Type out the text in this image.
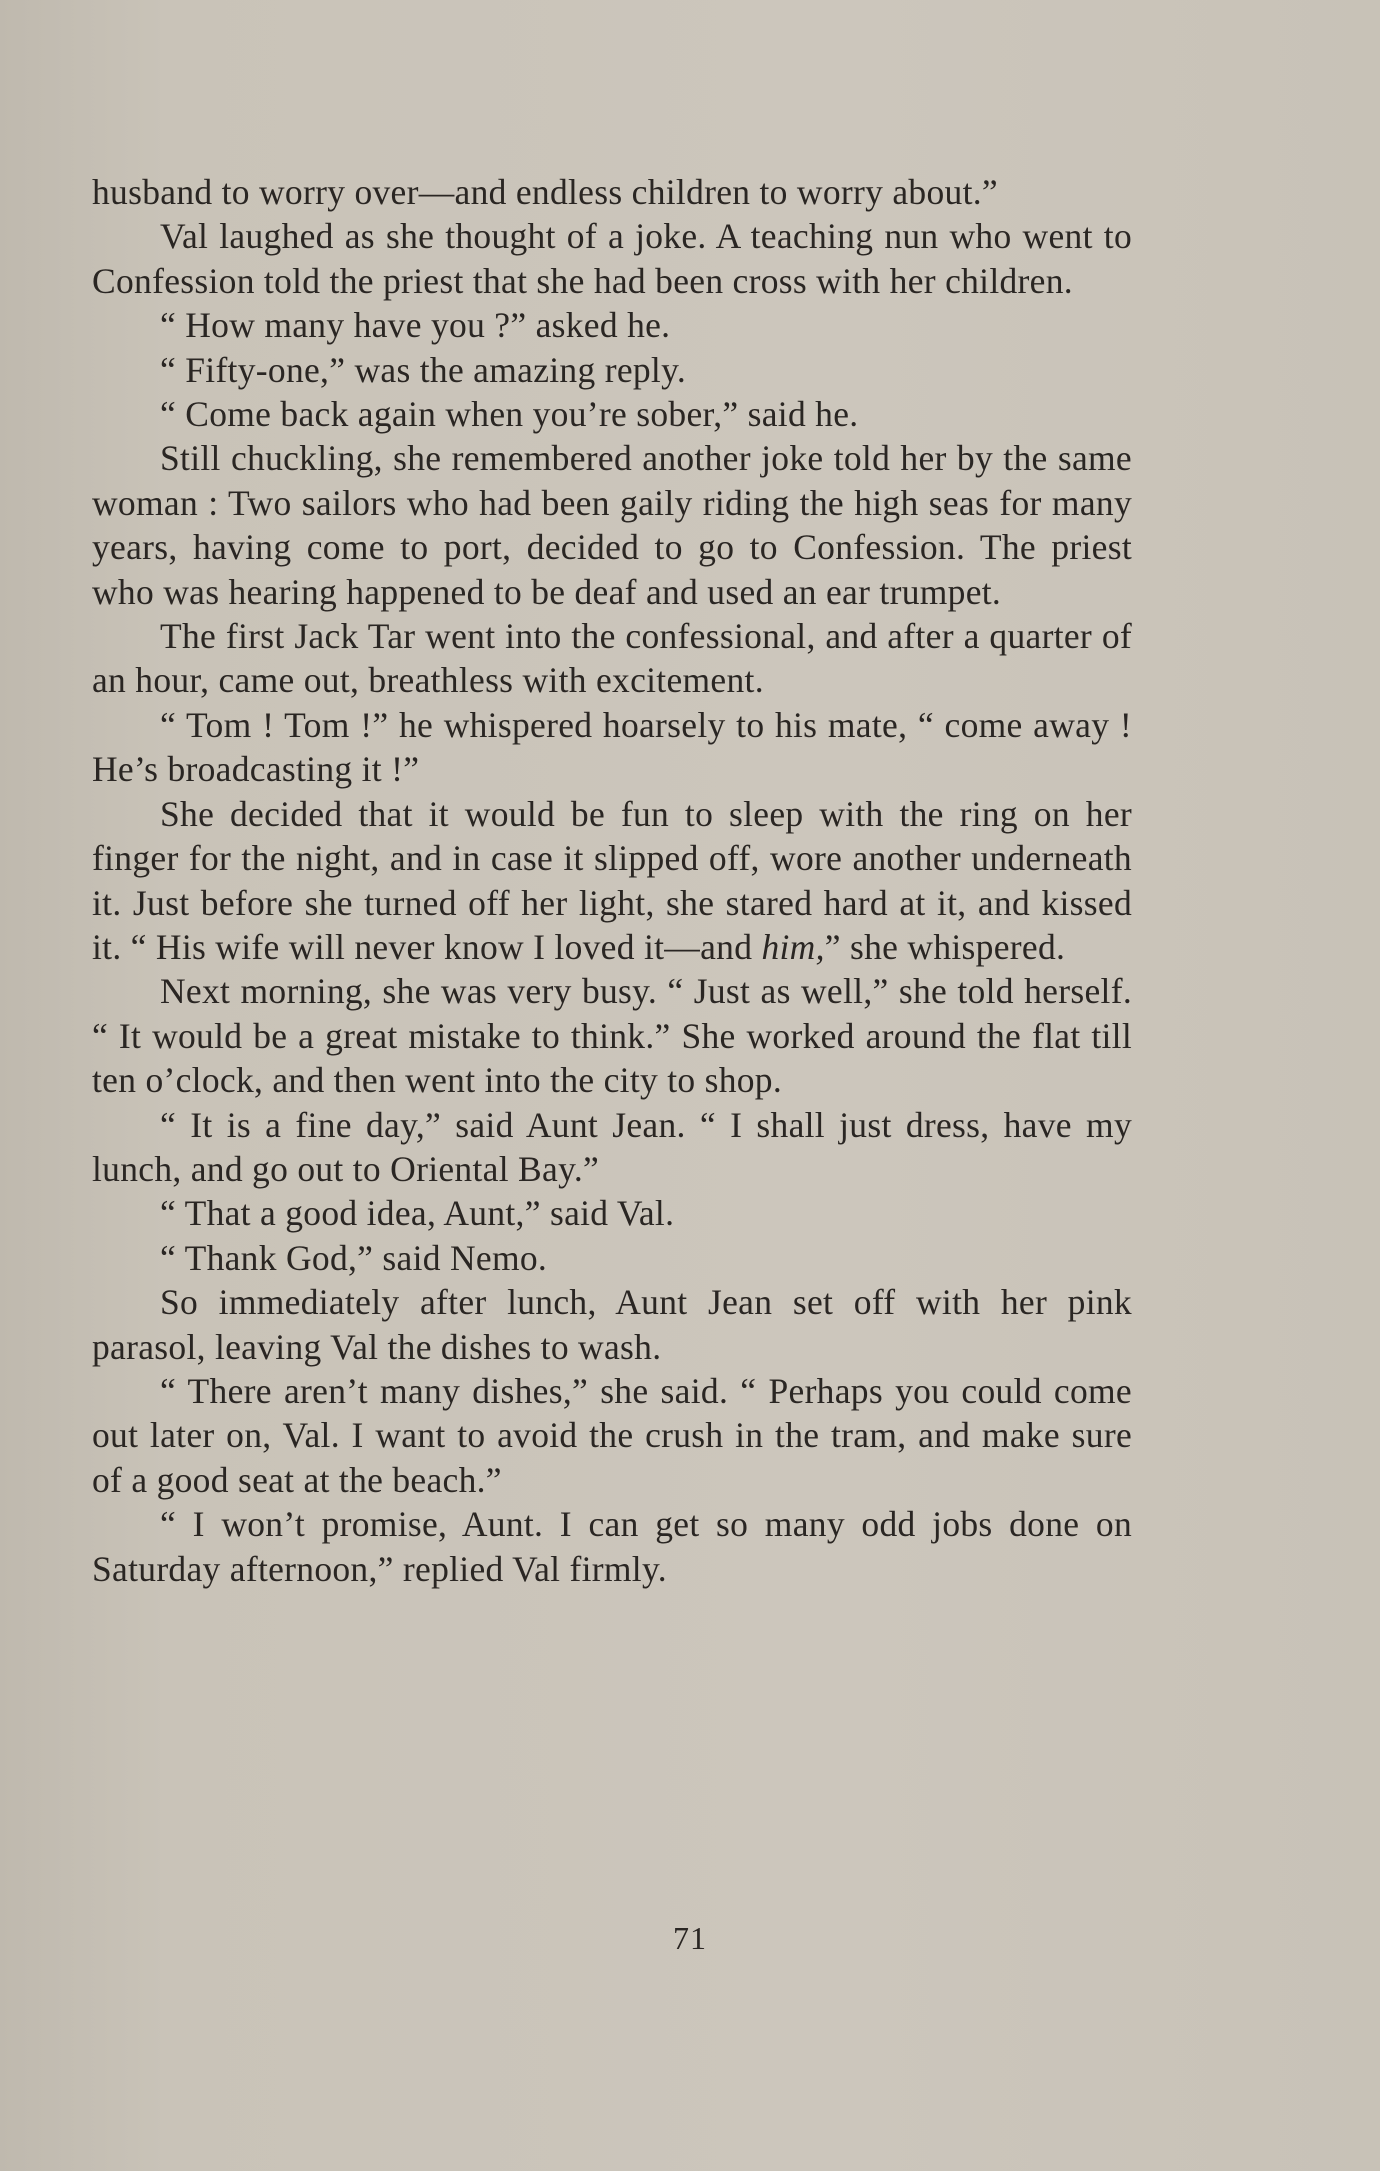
husband to worry over—and endless children to worry about.”

Val laughed as she thought of a joke. A teaching nun who went to Confession told the priest that she had been cross with her children.

“ How many have you ?” asked he.

“ Fifty-one,” was the amazing reply.

“ Come back again when you’re sober,” said he.

Still chuckling, she remembered another joke told her by the same woman : Two sailors who had been gaily riding the high seas for many years, having come to port, decided to go to Confession. The priest who was hearing happened to be deaf and used an ear trumpet.

The first Jack Tar went into the confessional, and after a quarter of an hour, came out, breathless with excitement.

“ Tom ! Tom !” he whispered hoarsely to his mate, “ come away ! He’s broadcasting it !”

She decided that it would be fun to sleep with the ring on her finger for the night, and in case it slipped off, wore another underneath it. Just before she turned off her light, she stared hard at it, and kissed it. “ His wife will never know I loved it—and him,” she whispered.

Next morning, she was very busy. “ Just as well,” she told herself. “ It would be a great mistake to think.” She worked around the flat till ten o’clock, and then went into the city to shop.

“ It is a fine day,” said Aunt Jean. “ I shall just dress, have my lunch, and go out to Oriental Bay.”

“ That a good idea, Aunt,” said Val.

“ Thank God,” said Nemo.

So immediately after lunch, Aunt Jean set off with her pink parasol, leaving Val the dishes to wash.

“ There aren’t many dishes,” she said. “ Perhaps you could come out later on, Val. I want to avoid the crush in the tram, and make sure of a good seat at the beach.”

“ I won’t promise, Aunt. I can get so many odd jobs done on Saturday afternoon,” replied Val firmly.

71
